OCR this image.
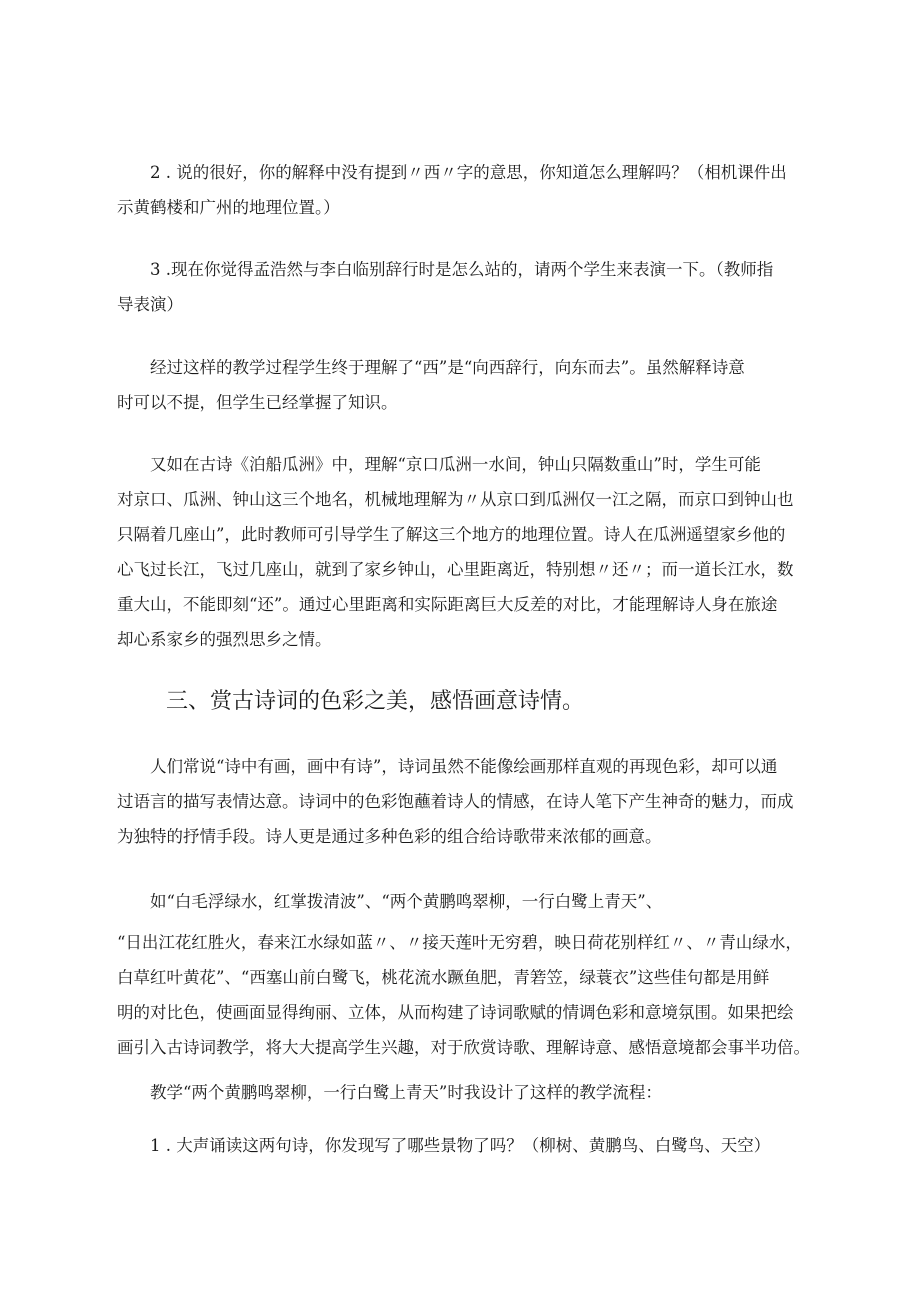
2 . 说的很好，你的解释中没有提到〃西〃字的意思，你知道怎么理解吗？（相机课件出
示黄鹤楼和广州的地理位置。）

3 .现在你觉得孟浩然与李白临别辞行时是怎么站的，请两个学生来表演一下。（教师指
导表演）

经过这样的教学过程学生终于理解了“西”是“向西辞行，向东而去”。虽然解释诗意
时可以不提，但学生已经掌握了知识。

又如在古诗《泊船瓜洲》中，理解“京口瓜洲一水间，钟山只隔数重山”时，学生可能
对京口、瓜洲、钟山这三个地名，机械地理解为〃从京口到瓜洲仅一江之隔，而京口到钟山也
只隔着几座山”，此时教师可引导学生了解这三个地方的地理位置。诗人在瓜洲遥望家乡他的
心飞过长江，飞过几座山，就到了家乡钟山，心里距离近，特别想〃还〃；而一道长江水，数
重大山，不能即刻“还”。通过心里距离和实际距离巨大反差的对比，才能理解诗人身在旅途
却心系家乡的强烈思乡之情。

三、赏古诗词的色彩之美，感悟画意诗情。

人们常说“诗中有画，画中有诗”，诗词虽然不能像绘画那样直观的再现色彩，却可以通
过语言的描写表情达意。诗词中的色彩饱蘸着诗人的情感，在诗人笔下产生神奇的魅力，而成
为独特的抒情手段。诗人更是通过多种色彩的组合给诗歌带来浓郁的画意。

如“白毛浮绿水，红掌拨清波”、“两个黄鹏鸣翠柳，一行白鹭上青天”、
“日出江花红胜火，春来江水绿如蓝〃、〃接天莲叶无穷碧，映日荷花别样红〃、〃青山绿水，
白草红叶黄花”、“西塞山前白鹭飞，桃花流水蹶鱼肥，青箬笠，绿蓑衣”这些佳句都是用鲜
明的对比色，使画面显得绚丽、立体，从而构建了诗词歌赋的情调色彩和意境氛围。如果把绘
画引入古诗词教学，将大大提高学生兴趣，对于欣赏诗歌、理解诗意、感悟意境都会事半功倍。

教学“两个黄鹏鸣翠柳，一行白鹭上青天”时我设计了这样的教学流程：

1 . 大声诵读这两句诗，你发现写了哪些景物了吗？（柳树、黄鹏鸟、白鹭鸟、天空）
